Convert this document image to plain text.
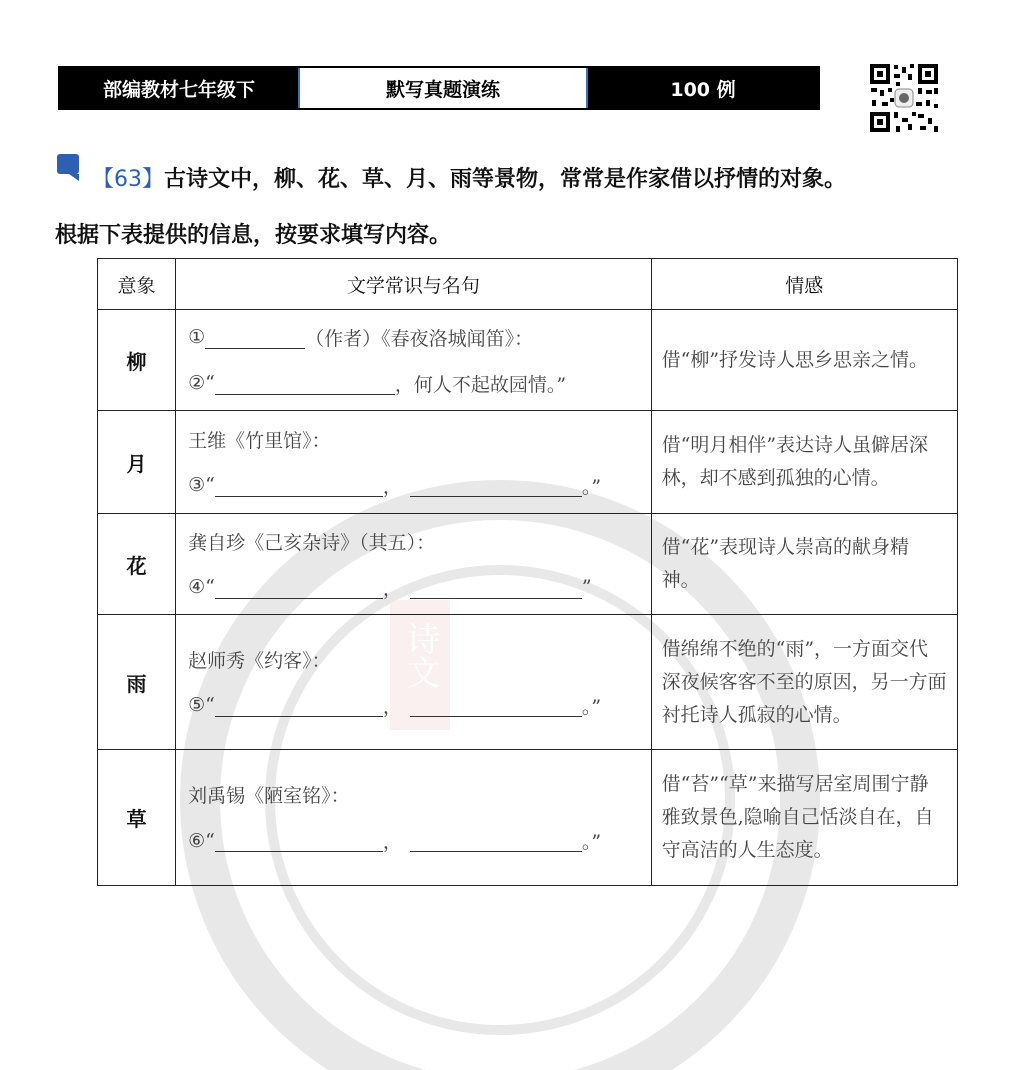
诗文
部编教材七年级下	默写真题演练	100 例
【63】古诗文中，柳、花、草、月、雨等景物，常常是作家借以抒情的对象。
根据下表提供的信息，按要求填写内容。
意象	文学常识与名句	情感
柳	① （作者）《春夜洛城闻笛》：
②“ ，何人不起故园情。”	借“柳”抒发诗人思乡思亲之情。
月	王维《竹里馆》：
③“ ， 。”	借“明月相伴”表达诗人虽僻居深林，却不感到孤独的心情。
花	龚自珍《己亥杂诗》（其五）：
④“ ， ”	借“花”表现诗人崇高的献身精神。
雨	赵师秀《约客》：
⑤“ ， 。”	借绵绵不绝的“雨”，一方面交代深夜候客客不至的原因，另一方面衬托诗人孤寂的心情。
草	刘禹锡《陋室铭》：
⑥“ ， 。”	借“苔”“草”来描写居室周围宁静雅致景色,隐喻自己恬淡自在，自守高洁的人生态度。
